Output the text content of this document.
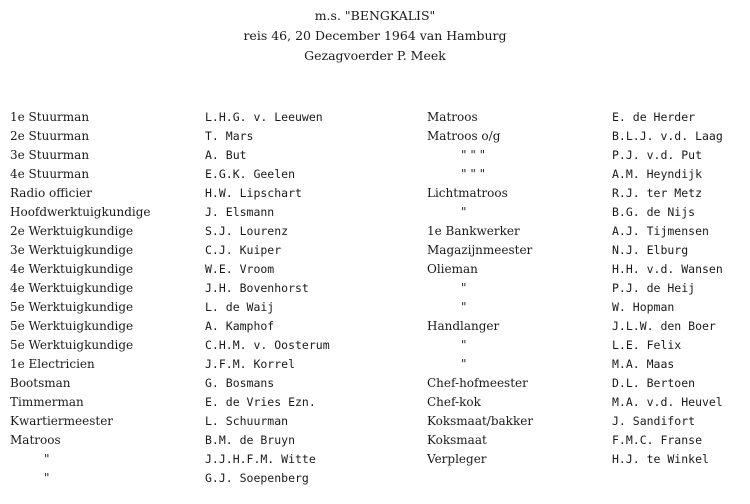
m.s. "BENGKALIS"
reis 46, 20 December 1964 van Hamburg
Gezagvoerder P. Meek
1e Stuurman
2e Stuurman
3e Stuurman
4e Stuurman
Radio officier
Hoofdwerktuigkundige
2e Werktuigkundige
3e Werktuigkundige
4e Werktuigkundige
4e Werktuigkundige
5e Werktuigkundige
5e Werktuigkundige
5e Werktuigkundige
1e Electricien
Bootsman
Timmerman
Kwartiermeester
Matroos
"
"
L.H.G. v. Leeuwen
T. Mars
A. But
E.G.K. Geelen
H.W. Lipschart
J. Elsmann
S.J. Lourenz
C.J. Kuiper
W.E. Vroom
J.H. Bovenhorst
L. de Waij
A. Kamphof
C.H.M. v. Oosterum
J.F.M. Korrel
G. Bosmans
E. de Vries Ezn.
L. Schuurman
B.M. de Bruyn
J.J.H.F.M. Witte
G.J. Soepenberg
Matroos
Matroos o/g
" " "
" " "
Lichtmatroos
"
1e Bankwerker
Magazijnmeester
Olieman
"
"
Handlanger
"
"
Chef-hofmeester
Chef-kok
Koksmaat/bakker
Koksmaat
Verpleger
E. de Herder
B.L.J. v.d. Laag
P.J. v.d. Put
A.M. Heyndijk
R.J. ter Metz
B.G. de Nijs
A.J. Tijmensen
N.J. Elburg
H.H. v.d. Wansen
P.J. de Heij
W. Hopman
J.L.W. den Boer
L.E. Felix
M.A. Maas
D.L. Bertoen
M.A. v.d. Heuvel
J. Sandifort
F.M.C. Franse
H.J. te Winkel
